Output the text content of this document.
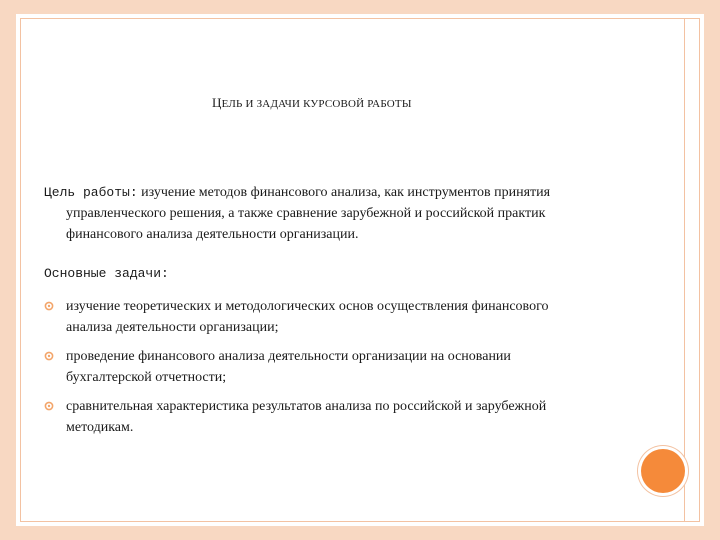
ЦЕЛЬ И ЗАДАЧИ КУРСОВОЙ РАБОТЫ
Цель работы: изучение методов финансового анализа, как инструментов принятия
управленческого решения, а также сравнение зарубежной и российской практик
финансового анализа деятельности организации.
Основные задачи:
изучение теоретических и методологических основ осуществления финансового
анализа деятельности организации;
проведение финансового анализа деятельности организации на основании
бухгалтерской отчетности;
сравнительная характеристика результатов анализа по российской и зарубежной
методикам.
